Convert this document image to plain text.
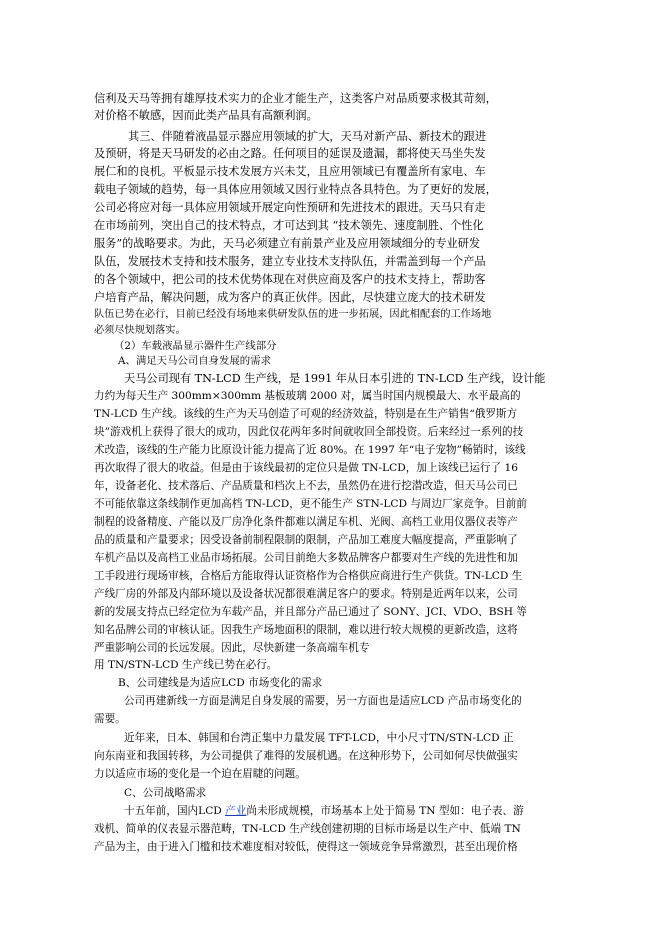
信利及天马等拥有雄厚技术实力的企业才能生产，这类客户对品质要求极其苛刻，
对价格不敏感，因而此类产品具有高额利润。
其三、伴随着液晶显示器应用领域的扩大，天马对新产品、新技术的跟进
及预研，将是天马研发的必由之路。任何项目的延误及遗漏，都将使天马坐失发
展仁和的良机。平板显示技术发展方兴未艾，且应用领域已有覆盖所有家电、车
载电子领域的趋势，每一具体应用领域又因行业特点各具特色。为了更好的发展，
公司必将应对每一具体应用领域开展定向性预研和先进技术的跟进。天马只有走
在市场前列，突出自己的技术特点，才可达到其 “技术领先、速度制胜、个性化
服务”的战略要求。为此，天马必须建立有前景产业及应用领域细分的专业研发
队伍，发展技术支持和技术服务，建立专业技术支持队伍，并需盖到每一个产品
的各个领域中，把公司的技术优势体现在对供应商及客户的技术支持上，帮助客
户培育产品，解决问题，成为客户的真正伙伴。因此，尽快建立庞大的技术研发
队伍已势在必行，目前已经没有场地来供研发队伍的进一步拓展，因此相配套的工作场地
必须尽快规划落实。
（2）车载液晶显示器件生产线部分
A、满足天马公司自身发展的需求
天马公司现有 TN-LCD 生产线，是 1991 年从日本引进的 TN-LCD 生产线，设计能
力约为每天生产 300mm×300mm 基板玻璃 2000 对，属当时国内规模最大、水平最高的
TN-LCD 生产线。该线的生产为天马创造了可观的经济效益，特别是在生产销售“俄罗斯方
块”游戏机上获得了很大的成功，因此仅花两年多时间就收回全部投资。后来经过一系列的技
术改造，该线的生产能力比原设计能力提高了近 80%。在 1997 年“电子宠物”畅销时，该线
再次取得了很大的收益。但是由于该线最初的定位只是做 TN-LCD，加上该线已运行了 16
年，设备老化、技术落后、产品质量和档次上不去，虽然仍在进行挖潜改造，但天马公司已
不可能依靠这条线制作更加高档 TN-LCD，更不能生产 STN-LCD 与周边厂家竞争。目前前
制程的设备精度、产能以及厂房净化条件都难以满足车机、光阀、高档工业用仪器仪表等产
品的质量和产量要求；因受设备前制程限制的限制，产品加工难度大幅度提高，严重影响了
车机产品以及高档工业品市场拓展。公司目前绝大多数品牌客户都要对生产线的先进性和加
工手段进行现场审核，合格后方能取得认证资格作为合格供应商进行生产供货。TN-LCD 生
产线厂房的外部及内部环境以及设备状况都很难满足客户的要求。特别是近两年以来，公司
新的发展支持点已经定位为车载产品，并且部分产品已通过了 SONY、JCI、VDO、BSH 等
知名品牌公司的审核认证。因我生产场地面积的限制，难以进行较大规模的更新改造，这将
严重影响公司的长远发展。因此，尽快新建一条高端车机专
用 TN/STN-LCD 生产线已势在必行。
B、公司建线是为适应LCD 市场变化的需求
公司再建新线一方面是满足自身发展的需要，另一方面也是适应LCD 产品市场变化的
需要。
近年来，日本、韩国和台湾正集中力量发展 TFT-LCD，中小尺寸TN/STN-LCD 正
向东南亚和我国转移，为公司提供了难得的发展机遇。在这种形势下，公司如何尽快做强实
力以适应市场的变化是一个迫在眉睫的问题。
C、公司战略需求
十五年前，国内LCD 产业尚未形成规模，市场基本上处于简易 TN 型如：电子表、游
戏机、简单的仪表显示器范畴，TN-LCD 生产线创建初期的目标市场是以生产中、低端 TN
产品为主，由于进入门槛和技术难度相对较低，使得这一领域竞争异常激烈，甚至出现价格
